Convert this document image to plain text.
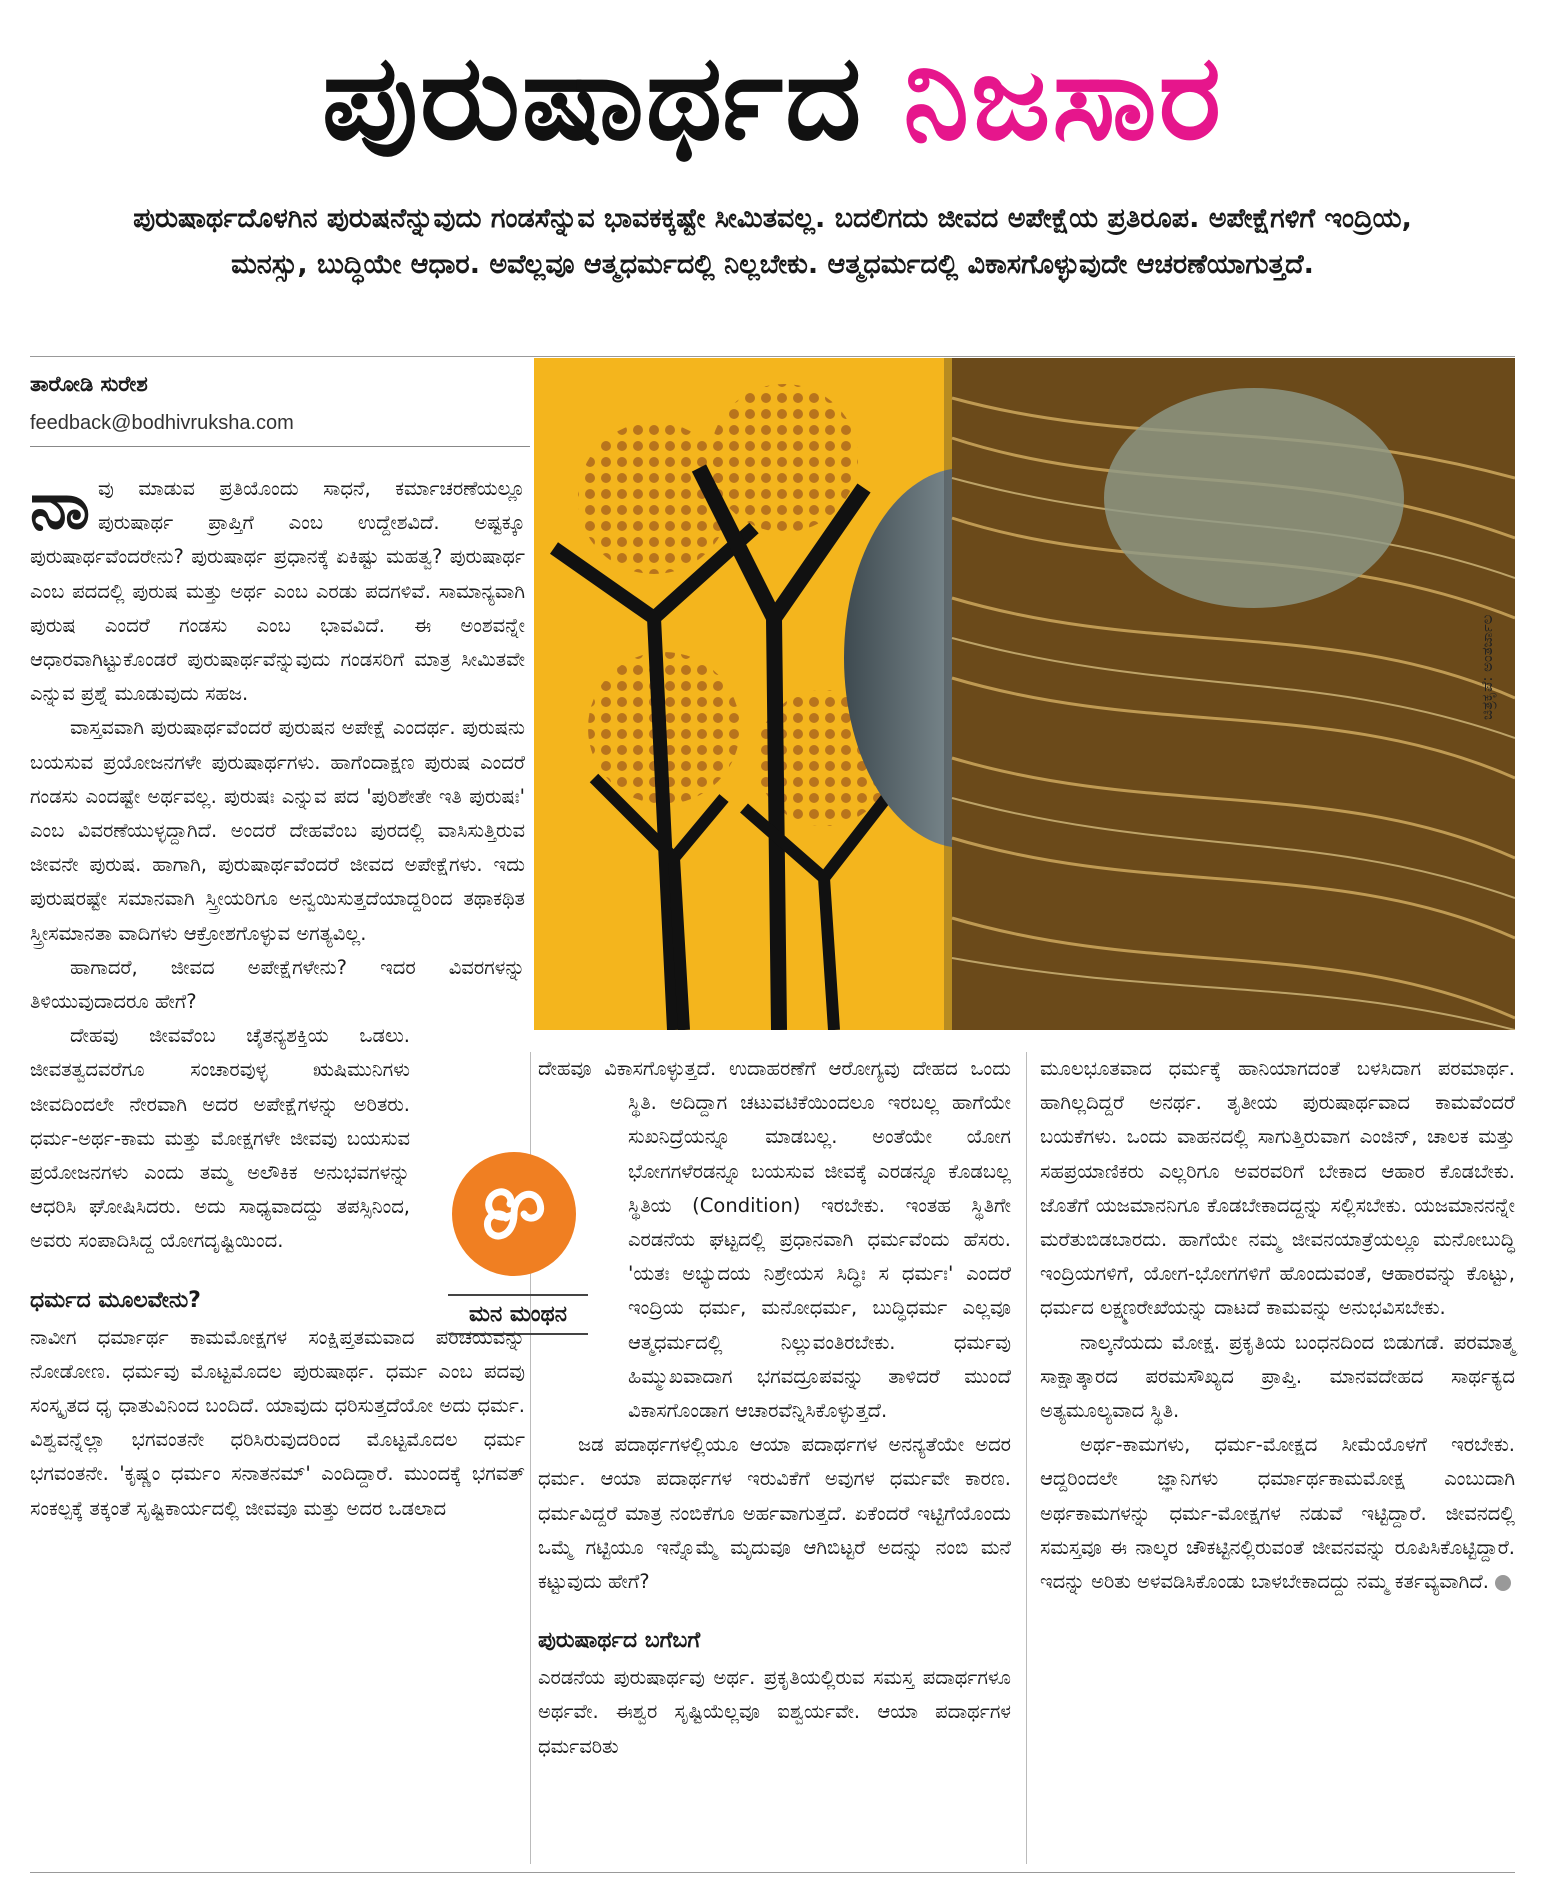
ಪುರುಷಾರ್ಥದ ನಿಜಸಾರ
ಪುರುಷಾರ್ಥದೊಳಗಿನ ಪುರುಷನೆನ್ನುವುದು ಗಂಡಸೆನ್ನುವ ಭಾವಕಕ್ಕಷ್ಟೇ ಸೀಮಿತವಲ್ಲ. ಬದಲಿಗದು ಜೀವದ ಅಪೇಕ್ಷೆಯ ಪ್ರತಿರೂಪ. ಅಪೇಕ್ಷೆಗಳಿಗೆ ಇಂದ್ರಿಯ, ಮನಸ್ಸು, ಬುದ್ಧಿಯೇ ಆಧಾರ. ಅವೆಲ್ಲವೂ ಆತ್ಮಧರ್ಮದಲ್ಲಿ ನಿಲ್ಲಬೇಕು. ಆತ್ಮಧರ್ಮದಲ್ಲಿ ವಿಕಾಸಗೊಳ್ಳುವುದೇ ಆಚರಣೆಯಾಗುತ್ತದೆ.
ತಾರೋಡಿ ಸುರೇಶ
feedback@bodhivruksha.com
ಚಿತ್ರಕೃಪೆ: ಅಂತರ್ಜಾಲ

ನಾವು ಮಾಡುವ ಪ್ರತಿಯೊಂದು ಸಾಧನೆ, ಕರ್ಮಾಚರಣೆಯಲ್ಲೂ ಪುರುಷಾರ್ಥ ಪ್ರಾಪ್ತಿಗೆ ಎಂಬ ಉದ್ದೇಶವಿದೆ. ಅಷ್ಟಕ್ಕೂ ಪುರುಷಾರ್ಥವೆಂದರೇನು? ಪುರುಷಾರ್ಥ ಪ್ರಧಾನಕ್ಕೆ ಏಕಿಷ್ಟು ಮಹತ್ವ? ಪುರುಷಾರ್ಥ ಎಂಬ ಪದದಲ್ಲಿ ಪುರುಷ ಮತ್ತು ಅರ್ಥ ಎಂಬ ಎರಡು ಪದಗಳಿವೆ. ಸಾಮಾನ್ಯವಾಗಿ ಪುರುಷ ಎಂದರೆ ಗಂಡಸು ಎಂಬ ಭಾವವಿದೆ. ಈ ಅಂಶವನ್ನೇ ಆಧಾರವಾಗಿಟ್ಟುಕೊಂಡರೆ ಪುರುಷಾರ್ಥವೆನ್ನುವುದು ಗಂಡಸರಿಗೆ ಮಾತ್ರ ಸೀಮಿತವೇ ಎನ್ನುವ ಪ್ರಶ್ನೆ ಮೂಡುವುದು ಸಹಜ.

ವಾಸ್ತವವಾಗಿ ಪುರುಷಾರ್ಥವೆಂದರೆ ಪುರುಷನ ಅಪೇಕ್ಷೆ ಎಂದರ್ಥ. ಪುರುಷನು ಬಯಸುವ ಪ್ರಯೋಜನಗಳೇ ಪುರುಷಾರ್ಥಗಳು. ಹಾಗೆಂದಾಕ್ಷಣ ಪುರುಷ ಎಂದರೆ ಗಂಡಸು ಎಂದಷ್ಟೇ ಅರ್ಥವಲ್ಲ. ಪುರುಷಃ ಎನ್ನುವ ಪದ 'ಪುರಿಶೇತೇ ಇತಿ ಪುರುಷಃ' ಎಂಬ ವಿವರಣೆಯುಳ್ಳದ್ದಾಗಿದೆ. ಅಂದರೆ ದೇಹವೆಂಬ ಪುರದಲ್ಲಿ ವಾಸಿಸುತ್ತಿರುವ ಜೀವನೇ ಪುರುಷ. ಹಾಗಾಗಿ, ಪುರುಷಾರ್ಥವೆಂದರೆ ಜೀವದ ಅಪೇಕ್ಷೆಗಳು. ಇದು ಪುರುಷರಷ್ಟೇ ಸಮಾನವಾಗಿ ಸ್ತ್ರೀಯರಿಗೂ ಅನ್ವಯಿಸುತ್ತದೆಯಾದ್ದರಿಂದ ತಥಾಕಥಿತ ಸ್ತ್ರೀಸಮಾನತಾ ವಾದಿಗಳು ಆಕ್ರೋಶಗೊಳ್ಳುವ ಅಗತ್ಯವಿಲ್ಲ.

ಹಾಗಾದರೆ, ಜೀವದ ಅಪೇಕ್ಷೆಗಳೇನು? ಇದರ ವಿವರಗಳನ್ನು ತಿಳಿಯುವುದಾದರೂ ಹೇಗೆ?

ದೇಹವು ಜೀವವೆಂಬ ಚೈತನ್ಯಶಕ್ತಿಯ ಒಡಲು. ಜೀವತತ್ವದವರೆಗೂ ಸಂಚಾರವುಳ್ಳ ಋಷಿಮುನಿಗಳು ಜೀವದಿಂದಲೇ ನೇರವಾಗಿ ಅದರ ಅಪೇಕ್ಷೆಗಳನ್ನು ಅರಿತರು. ಧರ್ಮ-ಅರ್ಥ-ಕಾಮ ಮತ್ತು ಮೋಕ್ಷಗಳೇ ಜೀವವು ಬಯಸುವ ಪ್ರಯೋಜನಗಳು ಎಂದು ತಮ್ಮ ಅಲೌಕಿಕ ಅನುಭವಗಳನ್ನು ಆಧರಿಸಿ ಘೋಷಿಸಿದರು. ಅದು ಸಾಧ್ಯವಾದದ್ದು ತಪಸ್ಸಿನಿಂದ, ಅವರು ಸಂಪಾದಿಸಿದ್ದ ಯೋಗದೃಷ್ಟಿಯಿಂದ.

ಧರ್ಮದ ಮೂಲವೇನು?

ನಾವೀಗ ಧರ್ಮಾರ್ಥ ಕಾಮಮೋಕ್ಷಗಳ ಸಂಕ್ಷಿಪ್ತತಮವಾದ ಪರಿಚಯವನ್ನು ನೋಡೋಣ. ಧರ್ಮವು ಮೊಟ್ಟಮೊದಲ ಪುರುಷಾರ್ಥ. ಧರ್ಮ ಎಂಬ ಪದವು ಸಂಸ್ಕೃತದ ಧೃ ಧಾತುವಿನಿಂದ ಬಂದಿದೆ. ಯಾವುದು ಧರಿಸುತ್ತದೆಯೋ ಅದು ಧರ್ಮ. ವಿಶ್ವವನ್ನೆಲ್ಲಾ ಭಗವಂತನೇ ಧರಿಸಿರುವುದರಿಂದ ಮೊಟ್ಟಮೊದಲ ಧರ್ಮ ಭಗವಂತನೇ. 'ಕೃಷ್ಣಂ ಧರ್ಮಂ ಸನಾತನಮ್' ಎಂದಿದ್ದಾರೆ. ಮುಂದಕ್ಕೆ ಭಗವತ್ ಸಂಕಲ್ಪಕ್ಕೆ ತಕ್ಕಂತೆ ಸೃಷ್ಟಿಕಾರ್ಯದಲ್ಲಿ ಜೀವವೂ ಮತ್ತು ಅದರ ಒಡಲಾದ

ಮನ ಮಂಥನ

ದೇಹವೂ ವಿಕಾಸಗೊಳ್ಳುತ್ತದೆ. ಉದಾಹರಣೆಗೆ ಆರೋಗ್ಯವು ದೇಹದ ಒಂದು ಸ್ಥಿತಿ. ಅದಿದ್ದಾಗ ಚಟುವಟಿಕೆಯಿಂದಲೂ ಇರಬಲ್ಲ ಹಾಗೆಯೇ ಸುಖನಿದ್ರೆಯನ್ನೂ ಮಾಡಬಲ್ಲ. ಅಂತೆಯೇ ಯೋಗ ಭೋಗಗಳೆರಡನ್ನೂ ಬಯಸುವ ಜೀವಕ್ಕೆ ಎರಡನ್ನೂ ಕೊಡಬಲ್ಲ ಸ್ಥಿತಿಯ (Condition) ಇರಬೇಕು. ಇಂತಹ ಸ್ಥಿತಿಗೇ ಎರಡನೆಯ ಘಟ್ಟದಲ್ಲಿ ಪ್ರಧಾನವಾಗಿ ಧರ್ಮವೆಂದು ಹೆಸರು. 'ಯತಃ ಅಭ್ಯುದಯ ನಿಶ್ರೇಯಸ ಸಿದ್ಧಿಃ ಸ ಧರ್ಮಃ' ಎಂದರೆ ಇಂದ್ರಿಯ ಧರ್ಮ, ಮನೋಧರ್ಮ, ಬುದ್ಧಿಧರ್ಮ ಎಲ್ಲವೂ ಆತ್ಮಧರ್ಮದಲ್ಲಿ ನಿಲ್ಲುವಂತಿರಬೇಕು. ಧರ್ಮವು ಹಿಮ್ಮುಖವಾದಾಗ ಭಗವದ್ರೂಪವನ್ನು ತಾಳಿದರೆ ಮುಂದೆ ವಿಕಾಸಗೊಂಡಾಗ ಆಚಾರವೆನ್ನಿಸಿಕೊಳ್ಳುತ್ತದೆ.

ಜಡ ಪದಾರ್ಥಗಳಲ್ಲಿಯೂ ಆಯಾ ಪದಾರ್ಥಗಳ ಅನನ್ಯತೆಯೇ ಅದರ ಧರ್ಮ. ಆಯಾ ಪದಾರ್ಥಗಳ ಇರುವಿಕೆಗೆ ಅವುಗಳ ಧರ್ಮವೇ ಕಾರಣ. ಧರ್ಮವಿದ್ದರೆ ಮಾತ್ರ ನಂಬಿಕೆಗೂ ಅರ್ಹವಾಗುತ್ತದೆ. ಏಕೆಂದರೆ ಇಟ್ಟಿಗೆಯೊಂದು ಒಮ್ಮೆ ಗಟ್ಟಿಯೂ ಇನ್ನೊಮ್ಮೆ ಮೃದುವೂ ಆಗಿಬಿಟ್ಟರೆ ಅದನ್ನು ನಂಬಿ ಮನೆ ಕಟ್ಟುವುದು ಹೇಗೆ?

ಪುರುಷಾರ್ಥದ ಬಗೆಬಗೆ

ಎರಡನೆಯ ಪುರುಷಾರ್ಥವು ಅರ್ಥ. ಪ್ರಕೃತಿಯಲ್ಲಿರುವ ಸಮಸ್ತ ಪದಾರ್ಥಗಳೂ ಅರ್ಥವೇ. ಈಶ್ವರ ಸೃಷ್ಟಿಯೆಲ್ಲವೂ ಐಶ್ವರ್ಯವೇ. ಆಯಾ ಪದಾರ್ಥಗಳ ಧರ್ಮವರಿತು

ಮೂಲಭೂತವಾದ ಧರ್ಮಕ್ಕೆ ಹಾನಿಯಾಗದಂತೆ ಬಳಸಿದಾಗ ಪರಮಾರ್ಥ. ಹಾಗಿಲ್ಲದಿದ್ದರೆ ಅನರ್ಥ. ತೃತೀಯ ಪುರುಷಾರ್ಥವಾದ ಕಾಮವೆಂದರೆ ಬಯಕೆಗಳು. ಒಂದು ವಾಹನದಲ್ಲಿ ಸಾಗುತ್ತಿರುವಾಗ ಎಂಜಿನ್, ಚಾಲಕ ಮತ್ತು ಸಹಪ್ರಯಾಣಿಕರು ಎಲ್ಲರಿಗೂ ಅವರವರಿಗೆ ಬೇಕಾದ ಆಹಾರ ಕೊಡಬೇಕು. ಜೊತೆಗೆ ಯಜಮಾನನಿಗೂ ಕೊಡಬೇಕಾದದ್ದನ್ನು ಸಲ್ಲಿಸಬೇಕು. ಯಜಮಾನನನ್ನೇ ಮರೆತುಬಿಡಬಾರದು. ಹಾಗೆಯೇ ನಮ್ಮ ಜೀವನಯಾತ್ರೆಯಲ್ಲೂ ಮನೋಬುದ್ಧಿ ಇಂದ್ರಿಯಗಳಿಗೆ, ಯೋಗ-ಭೋಗಗಳಿಗೆ ಹೊಂದುವಂತೆ, ಆಹಾರವನ್ನು ಕೊಟ್ಟು, ಧರ್ಮದ ಲಕ್ಷ್ಮಣರೇಖೆಯನ್ನು ದಾಟದೆ ಕಾಮವನ್ನು ಅನುಭವಿಸಬೇಕು.

ನಾಲ್ಕನೆಯದು ಮೋಕ್ಷ. ಪ್ರಕೃತಿಯ ಬಂಧನದಿಂದ ಬಿಡುಗಡೆ. ಪರಮಾತ್ಮ ಸಾಕ್ಷಾತ್ಕಾರದ ಪರಮಸೌಖ್ಯದ ಪ್ರಾಪ್ತಿ. ಮಾನವದೇಹದ ಸಾರ್ಥಕ್ಯದ ಅತ್ಯಮೂಲ್ಯವಾದ ಸ್ಥಿತಿ.

ಅರ್ಥ-ಕಾಮಗಳು, ಧರ್ಮ-ಮೋಕ್ಷದ ಸೀಮೆಯೊಳಗೆ ಇರಬೇಕು. ಆದ್ದರಿಂದಲೇ ಜ್ಞಾನಿಗಳು ಧರ್ಮಾರ್ಥಕಾಮಮೋಕ್ಷ ಎಂಬುದಾಗಿ ಅರ್ಥಕಾಮಗಳನ್ನು ಧರ್ಮ-ಮೋಕ್ಷಗಳ ನಡುವೆ ಇಟ್ಟಿದ್ದಾರೆ. ಜೀವನದಲ್ಲಿ ಸಮಸ್ತವೂ ಈ ನಾಲ್ಕರ ಚೌಕಟ್ಟಿನಲ್ಲಿರುವಂತೆ ಜೀವನವನ್ನು ರೂಪಿಸಿಕೊಟ್ಟಿದ್ದಾರೆ. ಇದನ್ನು ಅರಿತು ಅಳವಡಿಸಿಕೊಂಡು ಬಾಳಬೇಕಾದದ್ದು ನಮ್ಮ ಕರ್ತವ್ಯವಾಗಿದೆ.
